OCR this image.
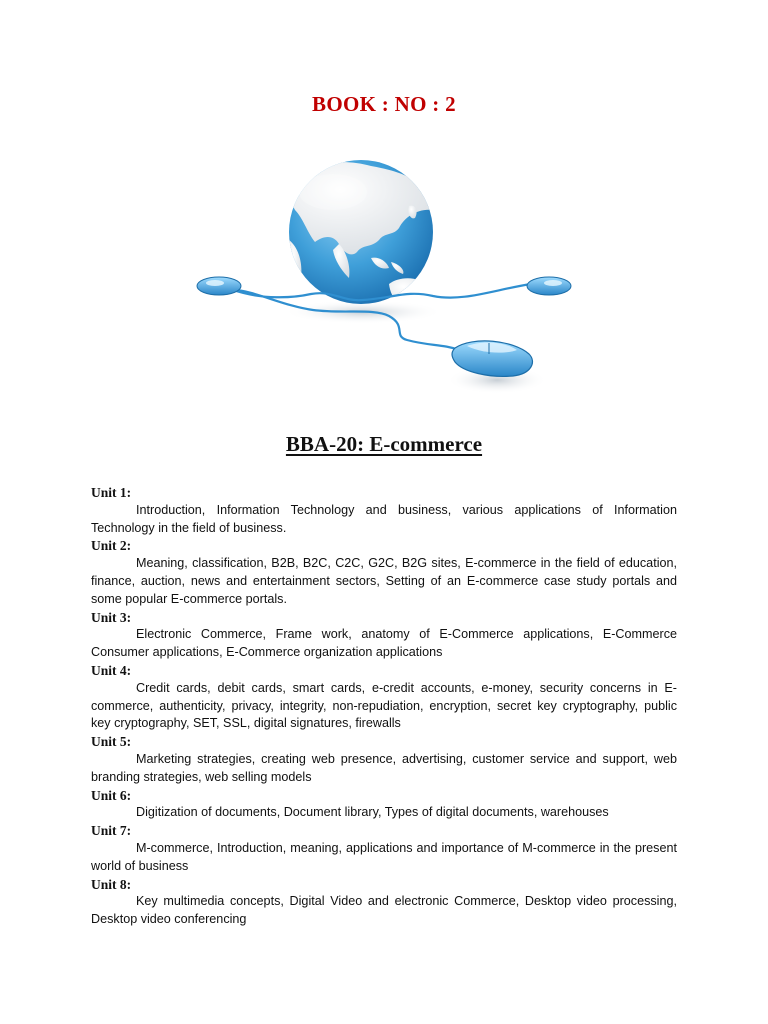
BOOK : NO : 2
BBA-20: E-commerce

Unit 1:

Introduction, Information Technology and business, various applications of Information Technology in the field of business.

Unit 2:

Meaning, classification, B2B, B2C, C2C, G2C, B2G sites, E-commerce in the field of education, finance, auction, news and entertainment sectors, Setting of an E-commerce case study portals and some popular E-commerce portals.

Unit 3:

Electronic Commerce, Frame work, anatomy of E-Commerce applications, E-Commerce Consumer applications, E-Commerce organization applications

Unit 4:

Credit cards, debit cards, smart cards, e-credit accounts, e-money, security concerns in E-commerce, authenticity, privacy, integrity, non-repudiation, encryption, secret key cryptography, public key cryptography, SET, SSL, digital signatures, firewalls

Unit 5:

Marketing strategies, creating web presence, advertising, customer service and support, web branding strategies, web selling models

Unit 6:

Digitization of documents, Document library, Types of digital documents, warehouses

Unit 7:

M-commerce, Introduction, meaning, applications and importance of M-commerce in the present world of business

Unit 8:

Key multimedia concepts, Digital Video and electronic Commerce, Desktop video processing, Desktop video conferencing
